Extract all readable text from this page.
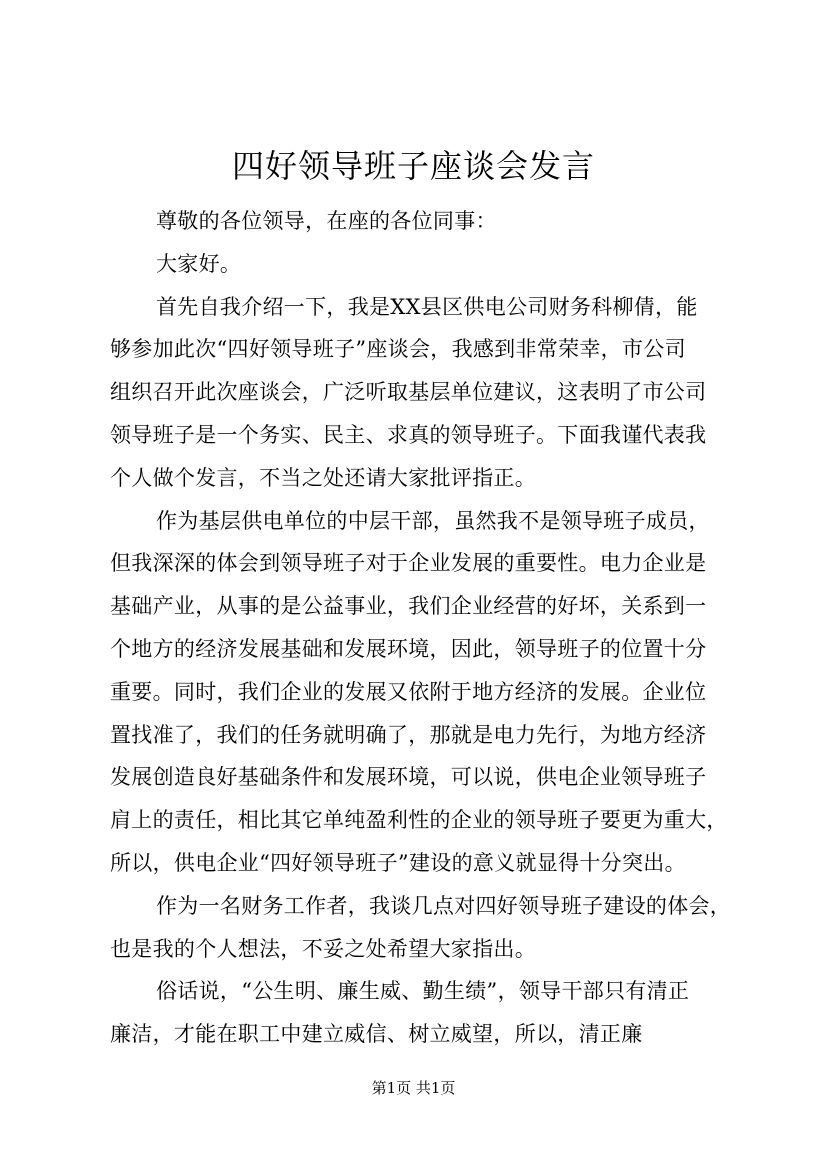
四好领导班子座谈会发言
尊敬的各位领导，在座的各位同事：
大家好。
首先自我介绍一下，我是XX县区供电公司财务科柳倩，能
够参加此次“四好领导班子”座谈会，我感到非常荣幸，市公司
组织召开此次座谈会，广泛听取基层单位建议，这表明了市公司
领导班子是一个务实、民主、求真的领导班子。下面我谨代表我
个人做个发言，不当之处还请大家批评指正。
作为基层供电单位的中层干部，虽然我不是领导班子成员，
但我深深的体会到领导班子对于企业发展的重要性。电力企业是
基础产业，从事的是公益事业，我们企业经营的好坏，关系到一
个地方的经济发展基础和发展环境，因此，领导班子的位置十分
重要。同时，我们企业的发展又依附于地方经济的发展。企业位
置找准了，我们的任务就明确了，那就是电力先行，为地方经济
发展创造良好基础条件和发展环境，可以说，供电企业领导班子
肩上的责任，相比其它单纯盈利性的企业的领导班子要更为重大，
所以，供电企业“四好领导班子”建设的意义就显得十分突出。
作为一名财务工作者，我谈几点对四好领导班子建设的体会，
也是我的个人想法，不妥之处希望大家指出。
俗话说，“公生明、廉生威、勤生绩”，领导干部只有清正
廉洁，才能在职工中建立威信、树立威望，所以，清正廉
第1页 共1页
